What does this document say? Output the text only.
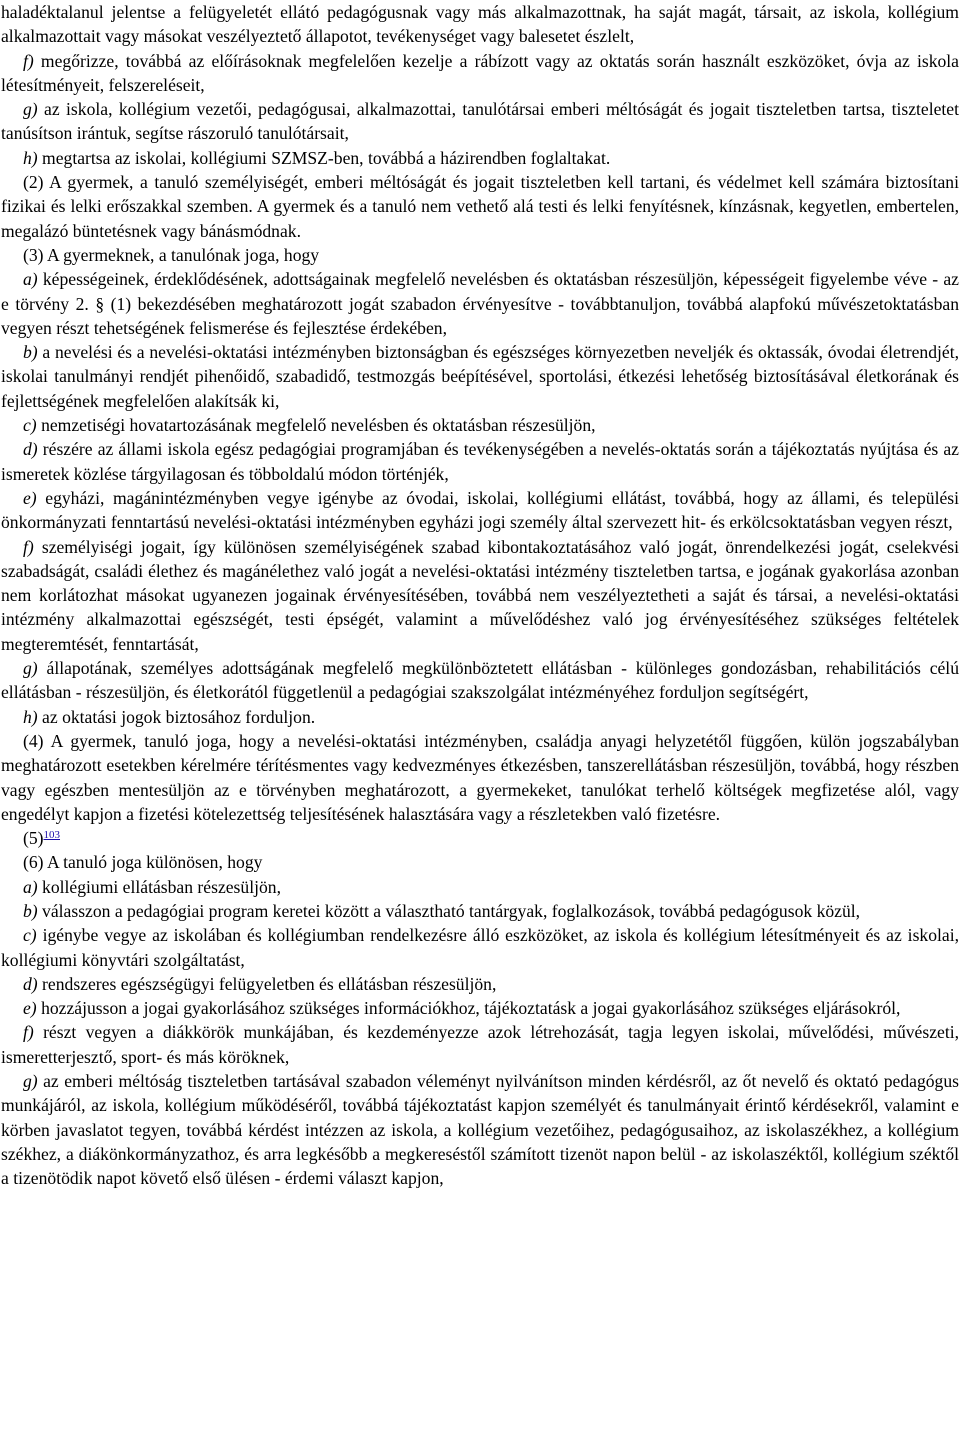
haladéktalanul jelentse a felügyeletét ellátó pedagógusnak vagy más alkalmazottnak, ha saját magát, társait, az iskola, kollégium alkalmazottait vagy másokat veszélyeztető állapotot, tevékenységet vagy balesetet észlelt,

f) megőrizze, továbbá az előírásoknak megfelelően kezelje a rábízott vagy az oktatás során használt eszközöket, óvja az iskola létesítményeit, felszereléseit,

g) az iskola, kollégium vezetői, pedagógusai, alkalmazottai, tanulótársai emberi méltóságát és jogait tiszteletben tartsa, tiszteletet tanúsítson irántuk, segítse rászoruló tanulótársait,

h) megtartsa az iskolai, kollégiumi SZMSZ-ben, továbbá a házirendben foglaltakat.

(2) A gyermek, a tanuló személyiségét, emberi méltóságát és jogait tiszteletben kell tartani, és védelmet kell számára biztosítani fizikai és lelki erőszakkal szemben. A gyermek és a tanuló nem vethető alá testi és lelki fenyítésnek, kínzásnak, kegyetlen, embertelen, megalázó büntetésnek vagy bánásmódnak.

(3) A gyermeknek, a tanulónak joga, hogy

a) képességeinek, érdeklődésének, adottságainak megfelelő nevelésben és oktatásban részesüljön, képességeit figyelembe véve - az e törvény 2. § (1) bekezdésében meghatározott jogát szabadon érvényesítve - továbbtanuljon, továbbá alapfokú művészetoktatásban vegyen részt tehetségének felismerése és fejlesztése érdekében,

b) a nevelési és a nevelési-oktatási intézményben biztonságban és egészséges környezetben neveljék és oktassák, óvodai életrendjét, iskolai tanulmányi rendjét pihenőidő, szabadidő, testmozgás beépítésével, sportolási, étkezési lehetőség biztosításával életkorának és fejlettségének megfelelően alakítsák ki,

c) nemzetiségi hovatartozásának megfelelő nevelésben és oktatásban részesüljön,

d) részére az állami iskola egész pedagógiai programjában és tevékenységében a nevelés-oktatás során a tájékoztatás nyújtása és az ismeretek közlése tárgyilagosan és többoldalú módon történjék,

e) egyházi, magánintézményben vegye igénybe az óvodai, iskolai, kollégiumi ellátást, továbbá, hogy az állami, és települési önkormányzati fenntartású nevelési-oktatási intézményben egyházi jogi személy által szervezett hit- és erkölcsoktatásban vegyen részt,

f) személyiségi jogait, így különösen személyiségének szabad kibontakoztatásához való jogát, önrendelkezési jogát, cselekvési szabadságát, családi élethez és magánélethez való jogát a nevelési-oktatási intézmény tiszteletben tartsa, e jogának gyakorlása azonban nem korlátozhat másokat ugyanezen jogainak érvényesítésében, továbbá nem veszélyeztetheti a saját és társai, a nevelési-oktatási intézmény alkalmazottai egészségét, testi épségét, valamint a művelődéshez való jog érvényesítéséhez szükséges feltételek megteremtését, fenntartását,

g) állapotának, személyes adottságának megfelelő megkülönböztetett ellátásban - különleges gondozásban, rehabilitációs célú ellátásban - részesüljön, és életkorától függetlenül a pedagógiai szakszolgálat intézményéhez forduljon segítségért,

h) az oktatási jogok biztosához forduljon.

(4) A gyermek, tanuló joga, hogy a nevelési-oktatási intézményben, családja anyagi helyzetétől függően, külön jogszabályban meghatározott esetekben kérelmére térítésmentes vagy kedvezményes étkezésben, tanszerellátásban részesüljön, továbbá, hogy részben vagy egészben mentesüljön az e törvényben meghatározott, a gyermekeket, tanulókat terhelő költségek megfizetése alól, vagy engedélyt kapjon a fizetési kötelezettség teljesítésének halasztására vagy a részletekben való fizetésre.

(5)$^{103}$

(6) A tanuló joga különösen, hogy

a) kollégiumi ellátásban részesüljön,

b) válasszon a pedagógiai program keretei között a választható tantárgyak, foglalkozások, továbbá pedagógusok közül,

c) igénybe vegye az iskolában és kollégiumban rendelkezésre álló eszközöket, az iskola és kollégium létesítményeit és az iskolai, kollégiumi könyvtári szolgáltatást,

d) rendszeres egészségügyi felügyeletben és ellátásban részesüljön,

e) hozzájusson a jogai gyakorlásához szükséges információkhoz, tájékoztatásk a jogai gyakorlásához szükséges eljárásokról,

f) részt vegyen a diákkörök munkájában, és kezdeményezze azok létrehozását, tagja legyen iskolai, művelődési, művészeti, ismeretterjesztő, sport- és más köröknek,

g) az emberi méltóság tiszteletben tartásával szabadon véleményt nyilvánítson minden kérdésről, az őt nevelő és oktató pedagógus munkájáról, az iskola, kollégium működéséről, továbbá tájékoztatást kapjon személyét és tanulmányait érintő kérdésekről, valamint e körben javaslatot tegyen, továbbá kérdést intézzen az iskola, a kollégium vezetőihez, pedagógusaihoz, az iskolaszékhez, a kollégium székhez, a diákönkormányzathoz, és arra legkésőbb a megkereséstől számított tizenöt napon belül - az iskolaszéktől, kollégium széktől a tizenötödik napot követő első ülésen - érdemi választ kapjon,
